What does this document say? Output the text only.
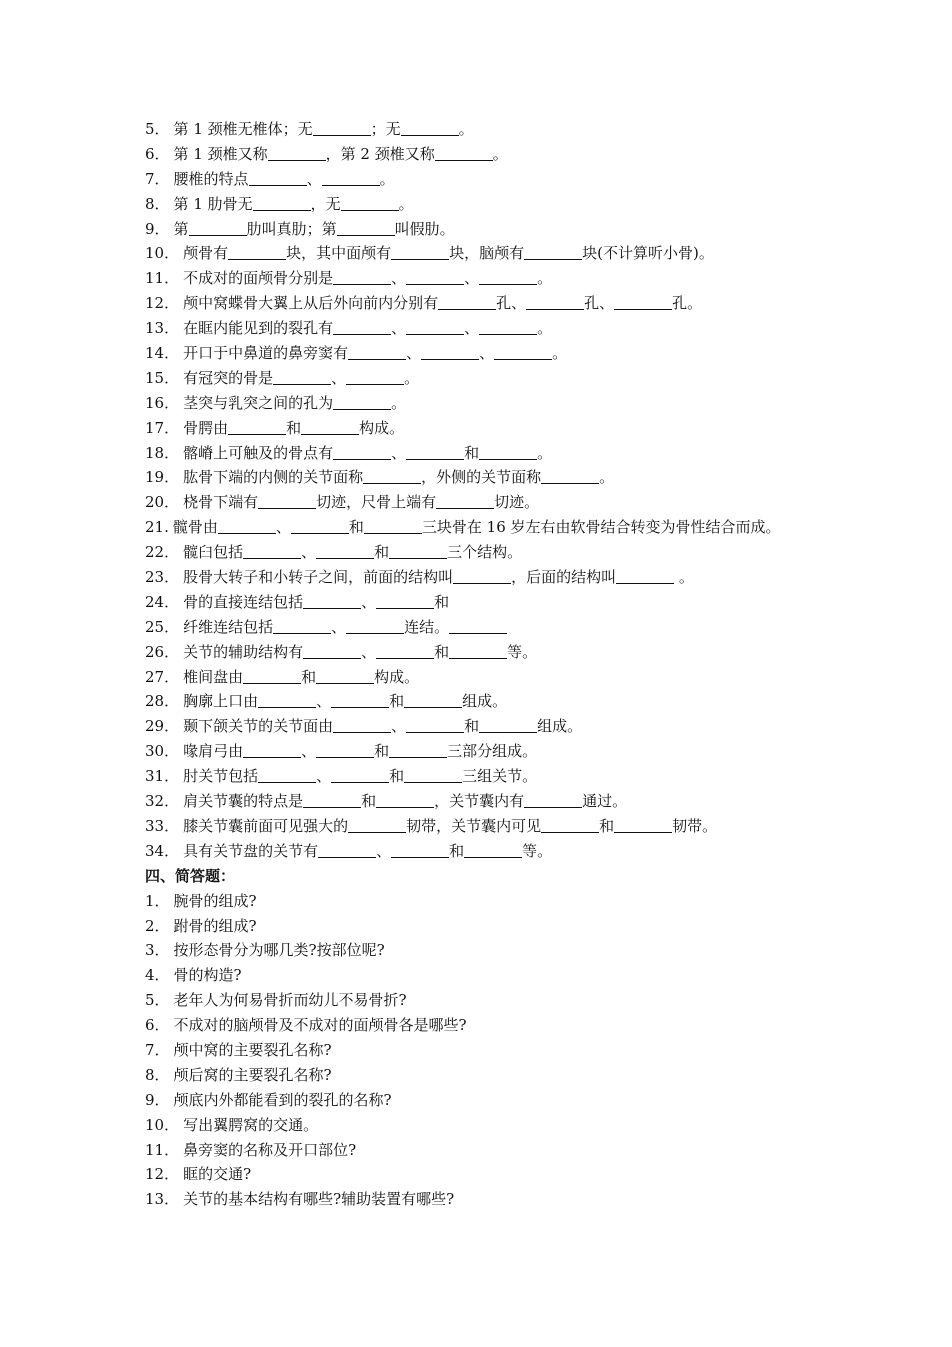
5． 第 1 颈椎无椎体；无	；无	。
6． 第 1 颈椎又称	，第 2 颈椎又称	。
7． 腰椎的特点	、	。
8． 第 1 肋骨无	，无	。
9． 第	肋叫真肋；第	叫假肋。
10． 颅骨有	块，其中面颅有	块，脑颅有	块(不计算听小骨)。
11． 不成对的面颅骨分别是	、	、	。
12． 颅中窝蝶骨大翼上从后外向前内分别有	孔、	孔、	孔。
13． 在眶内能见到的裂孔有	、	、	。
14． 开口于中鼻道的鼻旁窦有	、	、	。
15． 有冠突的骨是	、	。
16． 茎突与乳突之间的孔为	。
17． 骨腭由	和	构成。
18． 髂嵴上可触及的骨点有	、	和	。
19． 肱骨下端的内侧的关节面称	，外侧的关节面称	。
20． 桡骨下端有	切迹，尺骨上端有	切迹。
21. 髋骨由	、	和	三块骨在 16 岁左右由软骨结合转变为骨性结合而成。
22． 髋臼包括	、	和	三个结构。
23． 股骨大转子和小转子之间，前面的结构叫	，后面的结构叫	。
24． 骨的直接连结包括	、	和
25． 纤维连结包括	、	连结。
26． 关节的辅助结构有	、	和	等。
27． 椎间盘由	和	构成。
28． 胸廓上口由	、	和	组成。
29． 颞下颌关节的关节面由	、	和	组成。
30． 喙肩弓由	、	和	三部分组成。
31． 肘关节包括	、	和	三组关节。
32． 肩关节囊的特点是	和	，关节囊内有	通过。
33． 膝关节囊前面可见强大的	韧带，关节囊内可见	和	韧带。
34． 具有关节盘的关节有	、	和	等。
四、简答题：
1． 腕骨的组成?
2． 跗骨的组成?
3． 按形态骨分为哪几类?按部位呢?
4． 骨的构造?
5． 老年人为何易骨折而幼儿不易骨折?
6． 不成对的脑颅骨及不成对的面颅骨各是哪些?
7． 颅中窝的主要裂孔名称?
8． 颅后窝的主要裂孔名称?
9． 颅底内外都能看到的裂孔的名称?
10． 写出翼腭窝的交通。
11． 鼻旁窦的名称及开口部位?
12． 眶的交通?
13． 关节的基本结构有哪些?辅助装置有哪些?
